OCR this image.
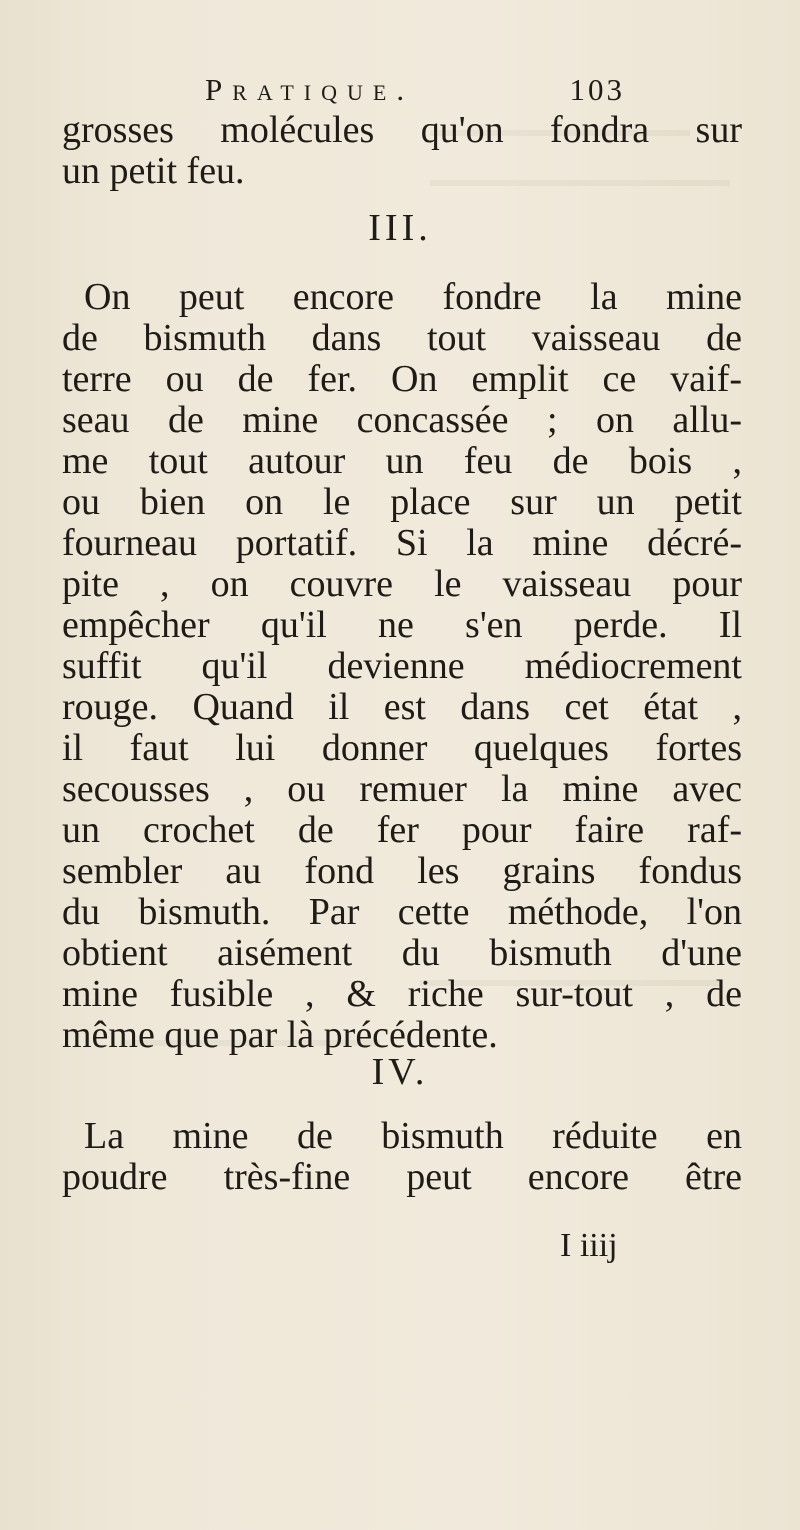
Pratique.	103
grosses molécules qu'on fondra sur
un petit feu.
III.
On peut encore fondre la mine
de bismuth dans tout vaisseau de
terre ou de fer. On emplit ce vaif-
seau de mine concassée ; on allu-
me tout autour un feu de bois ,
ou bien on le place sur un petit
fourneau portatif. Si la mine décré-
pite , on couvre le vaisseau pour
empêcher qu'il ne s'en perde. Il
suffit qu'il devienne médiocrement
rouge. Quand il est dans cet état ,
il faut lui donner quelques fortes
secousses , ou remuer la mine avec
un crochet de fer pour faire raf-
sembler au fond les grains fondus
du bismuth. Par cette méthode, l'on
obtient aisément du bismuth d'une
mine fusible , & riche sur-tout , de
même que par là précédente.
IV.
La mine de bismuth réduite en
poudre très-fine peut encore être
I iiij
